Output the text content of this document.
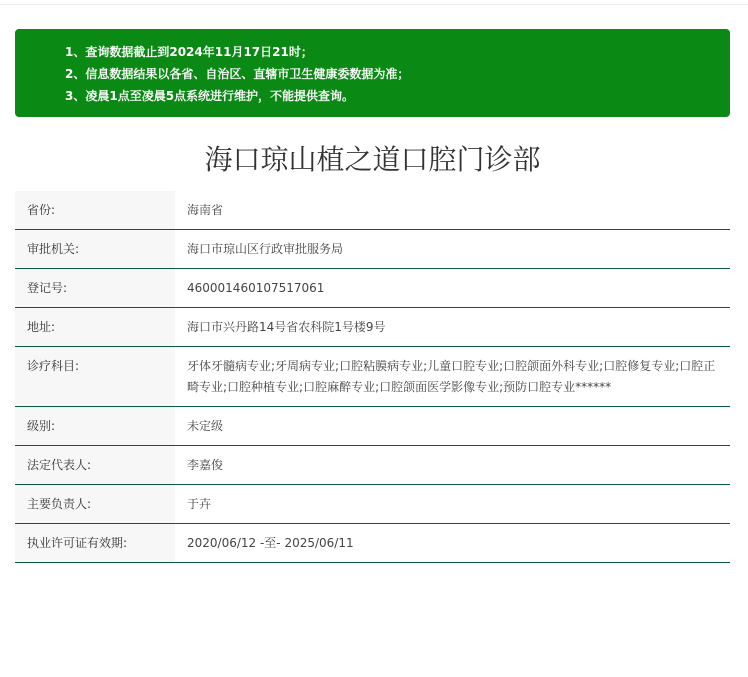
1、查询数据截止到2024年11月17日21时；
2、信息数据结果以各省、自治区、直辖市卫生健康委数据为准；
3、凌晨1点至凌晨5点系统进行维护，不能提供查询。
海口琼山植之道口腔门诊部
省份:	海南省
审批机关:	海口市琼山区行政审批服务局
登记号:	460001460107517061
地址:	海口市兴丹路14号省农科院1号楼9号
诊疗科目:	牙体牙髓病专业;牙周病专业;口腔粘膜病专业;儿童口腔专业;口腔颌面外科专业;口腔修复专业;口腔正畸专业;口腔种植专业;口腔麻醉专业;口腔颌面医学影像专业;预防口腔专业******
级别:	未定级
法定代表人:	李嘉俊
主要负责人:	于卉
执业许可证有效期:	2020/06/12 -至- 2025/06/11
